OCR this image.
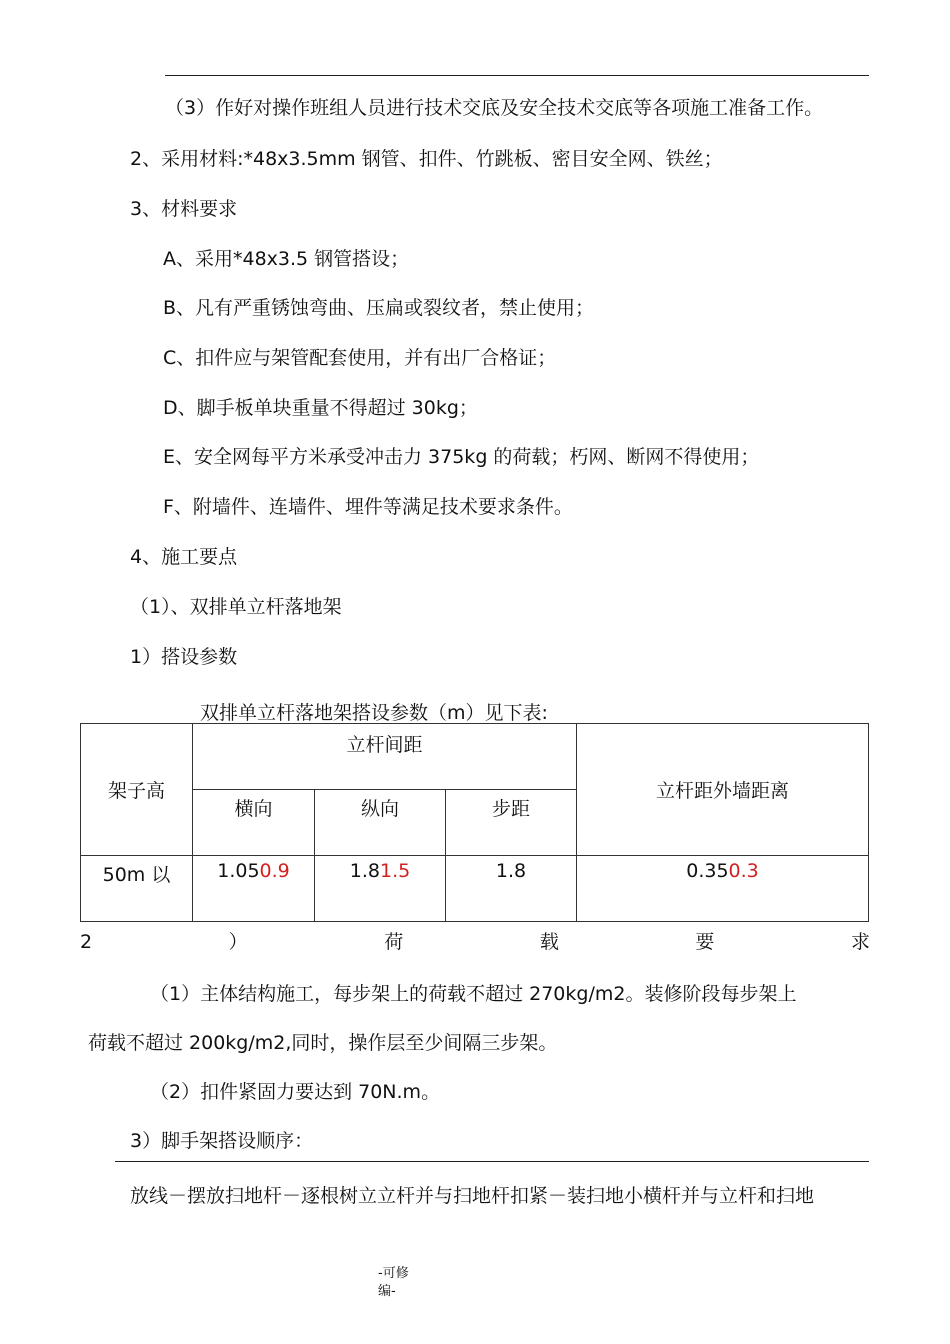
（3）作好对操作班组人员进行技术交底及安全技术交底等各项施工准备工作。
2、采用材料:*48x3.5mm 钢管、扣件、竹跳板、密目安全网、铁丝；
3、材料要求
A、采用*48x3.5 钢管搭设；
B、凡有严重锈蚀弯曲、压扁或裂纹者，禁止使用；
C、扣件应与架管配套使用，并有出厂合格证；
D、脚手板单块重量不得超过 30kg；
E、安全网每平方米承受冲击力 375kg 的荷载；朽网、断网不得使用；
F、附墙件、连墙件、埋件等满足技术要求条件。
4、施工要点
（1）、双排单立杆落地架
1）搭设参数
双排单立杆落地架搭设参数（m）见下表:
架子高	立杆间距			立杆距外墙距离
	横向	纵向	步距	
50m 以	1.050.9	1.81.5	1.8	0.350.3
2	）	荷	载	要	求
（1）主体结构施工，每步架上的荷载不超过 270kg/m2。装修阶段每步架上
荷载不超过 200kg/m2,同时，操作层至少间隔三步架。
（2）扣件紧固力要达到 70N.m。
3）脚手架搭设顺序：
放线－摆放扫地杆－逐根树立立杆并与扫地杆扣紧－装扫地小横杆并与立杆和扫地
-可修
编-
